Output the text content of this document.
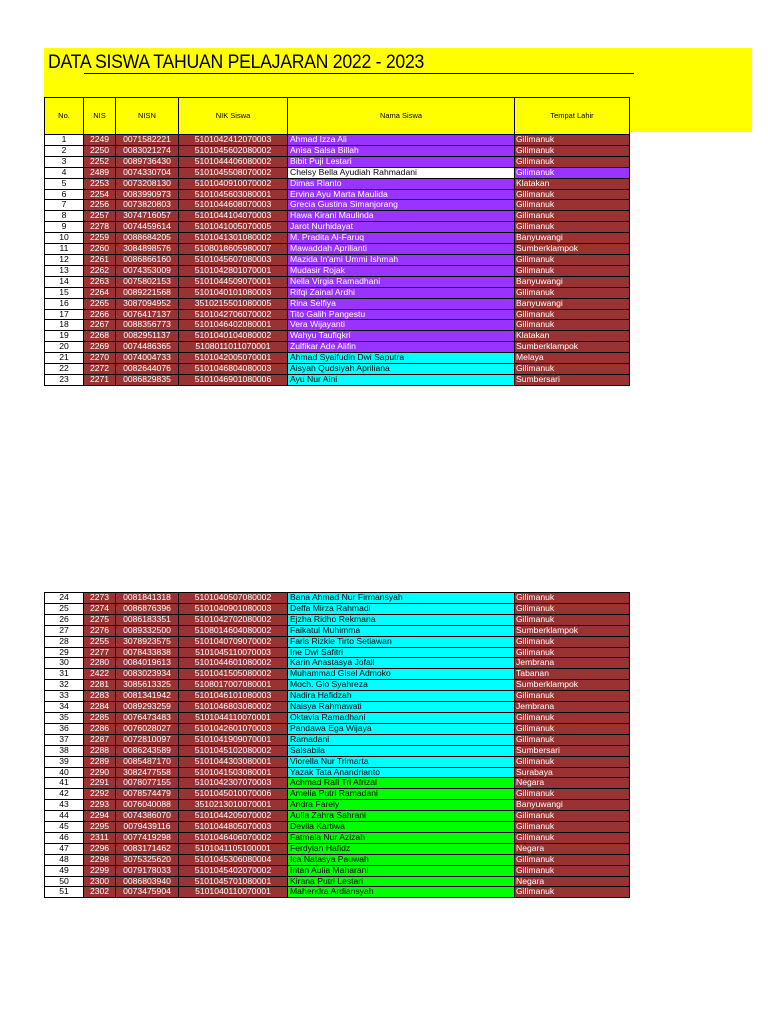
DATA SISWA TAHUAN PELAJARAN 2022 - 2023
No.	NIS	NISN	NIK Siswa	Nama Siswa	Tempat Lahir
1	2249	0071582221	5101042412070003	Ahmad Izza Ali	Gilimanuk
2	2250	0083021274	5101045602080002	Anisa Salsa Billah	Gilimanuk
3	2252	0089736430	5101044406080002	Bibit Puji Lestari	Gilimanuk
4	2489	0074330704	5101045508070002	Chelsy Bella Ayudiah Rahmadani	Gilimanuk
5	2253	0073208130	5101040910070002	Dimas Rianto	Klatakan
6	2254	0083990973	5101045603080001	Ervina Ayu Marta Maulida	Gilimanuk
7	2256	0073820803	5101044608070003	Grecia Gustina Simanjorang	Gilimanuk
8	2257	3074716057	5101044104070003	Hawa Kirani Maulinda	Gilimanuk
9	2278	0074459614	5101041005070005	Jarot Nurhidayat	Gilimanuk
10	2259	0088684205	5101041301080002	M. Pradita Al-Faruq	Banyuwangi
11	2260	3084898576	5108018605980007	Mawaddah Aprilianti	Sumberklampok
12	2261	0086866160	5101045607080003	Mazida In'ami Ummi Ishmah	Gilimanuk
13	2262	0074353009	5101042801070001	Mudasir Rojak	Gilimanuk
14	2263	0075802153	5101044509070001	Nella Virgia Ramadhani	Banyuwangi
15	2264	0089221568	5101040101080003	Rifqi Zainal Ardhi	Gilimanuk
16	2265	3087094952	3510215501080005	Rina Selfiya	Banyuwangi
17	2266	0076417137	5101042706070002	Tito Galih Pangestu	Gilimanuk
18	2267	0088356773	5101046402080001	Vera Wijayanti	Gilimanuk
19	2268	0082951137	5101040104080002	Wahyu Taufiqkri	Klatakan
20	2269	0074486365	5108011011070001	Zulfikar Ade Alifin	Sumberklampok
21	2270	0074004733	5101042005070001	Ahmad Syaifudin Dwi Saputra	Melaya
22	2272	0082644076	5101046804080003	Aisyah Qudsiyah Apriliana	Gilimanuk
23	2271	0086829835	5101046901080006	Ayu Nur Aini	Sumbersari
24	2273	0081841318	5101040507080002	Bana Ahmad Nur Firmansyah	Gilimanuk
25	2274	0086876396	5101040901080003	Deffa Mirza Rahmadi	Gilimanuk
26	2275	0086183351	5101042702080002	Ejzha Ridho Rekmana	Gilimanuk
27	2276	0089332500	5108014604080002	Faikatul Muhimma	Sumberklampok
28	2255	3078923575	5101040709070002	Faris Rizkie Tirto Setiawan	Gilimanuk
29	2277	0078433838	5101045110070003	Ine Dwi Safitri	Gilimanuk
30	2280	0084019613	5101044601080002	Karin Anastasya Jofall	Jembrana
31	2422	0083023934	5101041505080002	Muhammad Gisel Admoko	Tabanan
32	2281	3085613325	5108017007080001	Moch. Gio Syahreza	Sumberklampok
33	2283	0081341942	5101046101080003	Nadira Hafidzah	Gilimanuk
34	2284	0089293259	5101046803080002	Naisya Rahmawati	Jembrana
35	2285	0076473483	5101044110070001	Oktavia Ramadhani	Gilimanuk
36	2286	0076028027	5101042601070003	Pandawa Ega Wijaya	Gilimanuk
37	2287	0072810097	5101041909070001	Ramadani	Gilimanuk
38	2288	0086243589	5101045102080002	Salsabila	Sumbersari
39	2289	0085487170	5101044303080001	Viorella Nur Trimarta	Gilimanuk
40	2290	3082477558	5101041503080001	Yazak Tata Anandrianto	Surabaya
41	2291	0078077155	5101042307070003	Achmad Rafi Tri Afrizal	Negara
42	2292	0078574479	5101045010070006	Amelia Putri Ramadani	Gilimanuk
43	2293	0076040088	3510213010070001	Andra Farely	Banyuwangi
44	2294	0074386070	5101044205070002	Aulia Zahra Sahrani	Gilimanuk
45	2295	0079439116	5101044805070003	Devila Kartiwa	Gilimanuk
46	2311	0077419298	5101046406070002	Fatmala Nur Azizah	Gilimanuk
47	2296	0083171462	5101041105100001	Ferdylan Hafidz	Negara
48	2298	3075325620	5101045306080004	Ica Natasya Pauwah	Gilimanuk
49	2299	0079178033	5101045402070002	Intan Aulia Maharani	Gilimanuk
50	2300	0086803940	5101045701080001	Kirana Putri Lestari	Negara
51	2302	0073475904	5101040110070001	Mahendra Ardiansyah	Gilimanuk
